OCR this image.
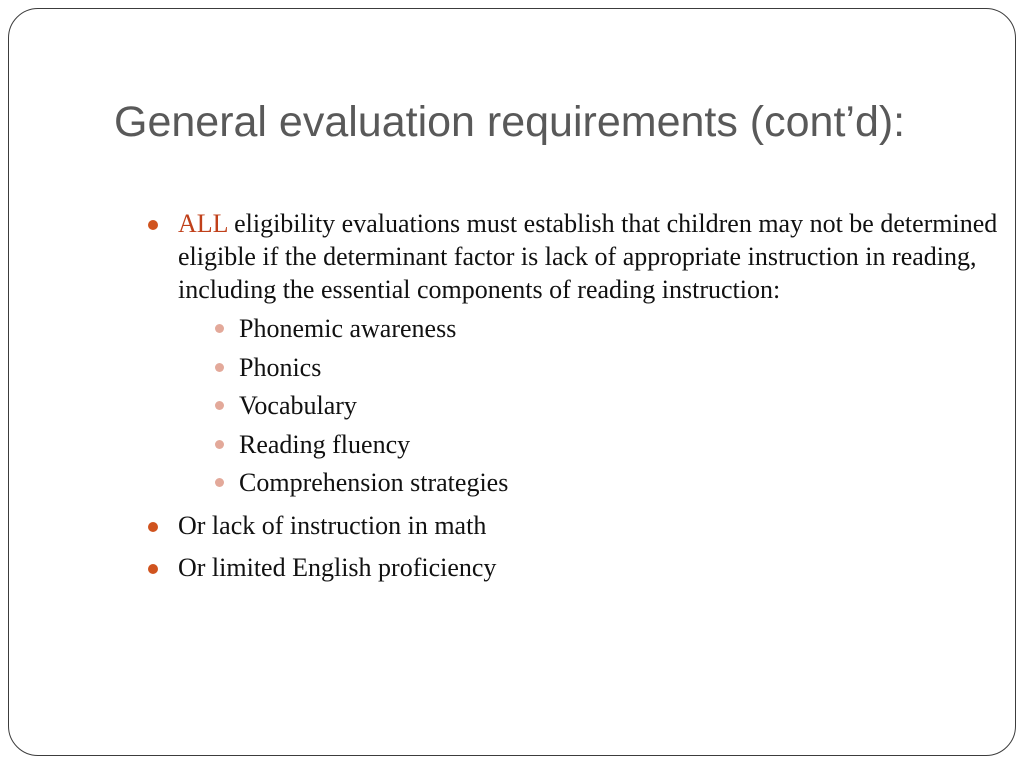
General evaluation requirements (cont’d):
ALL eligibility evaluations must establish that children may not be determined eligible if the determinant factor is lack of appropriate instruction in reading, including the essential components of reading instruction:
Phonemic awareness
Phonics
Vocabulary
Reading fluency
Comprehension strategies
Or lack of instruction in math
Or limited English proficiency
